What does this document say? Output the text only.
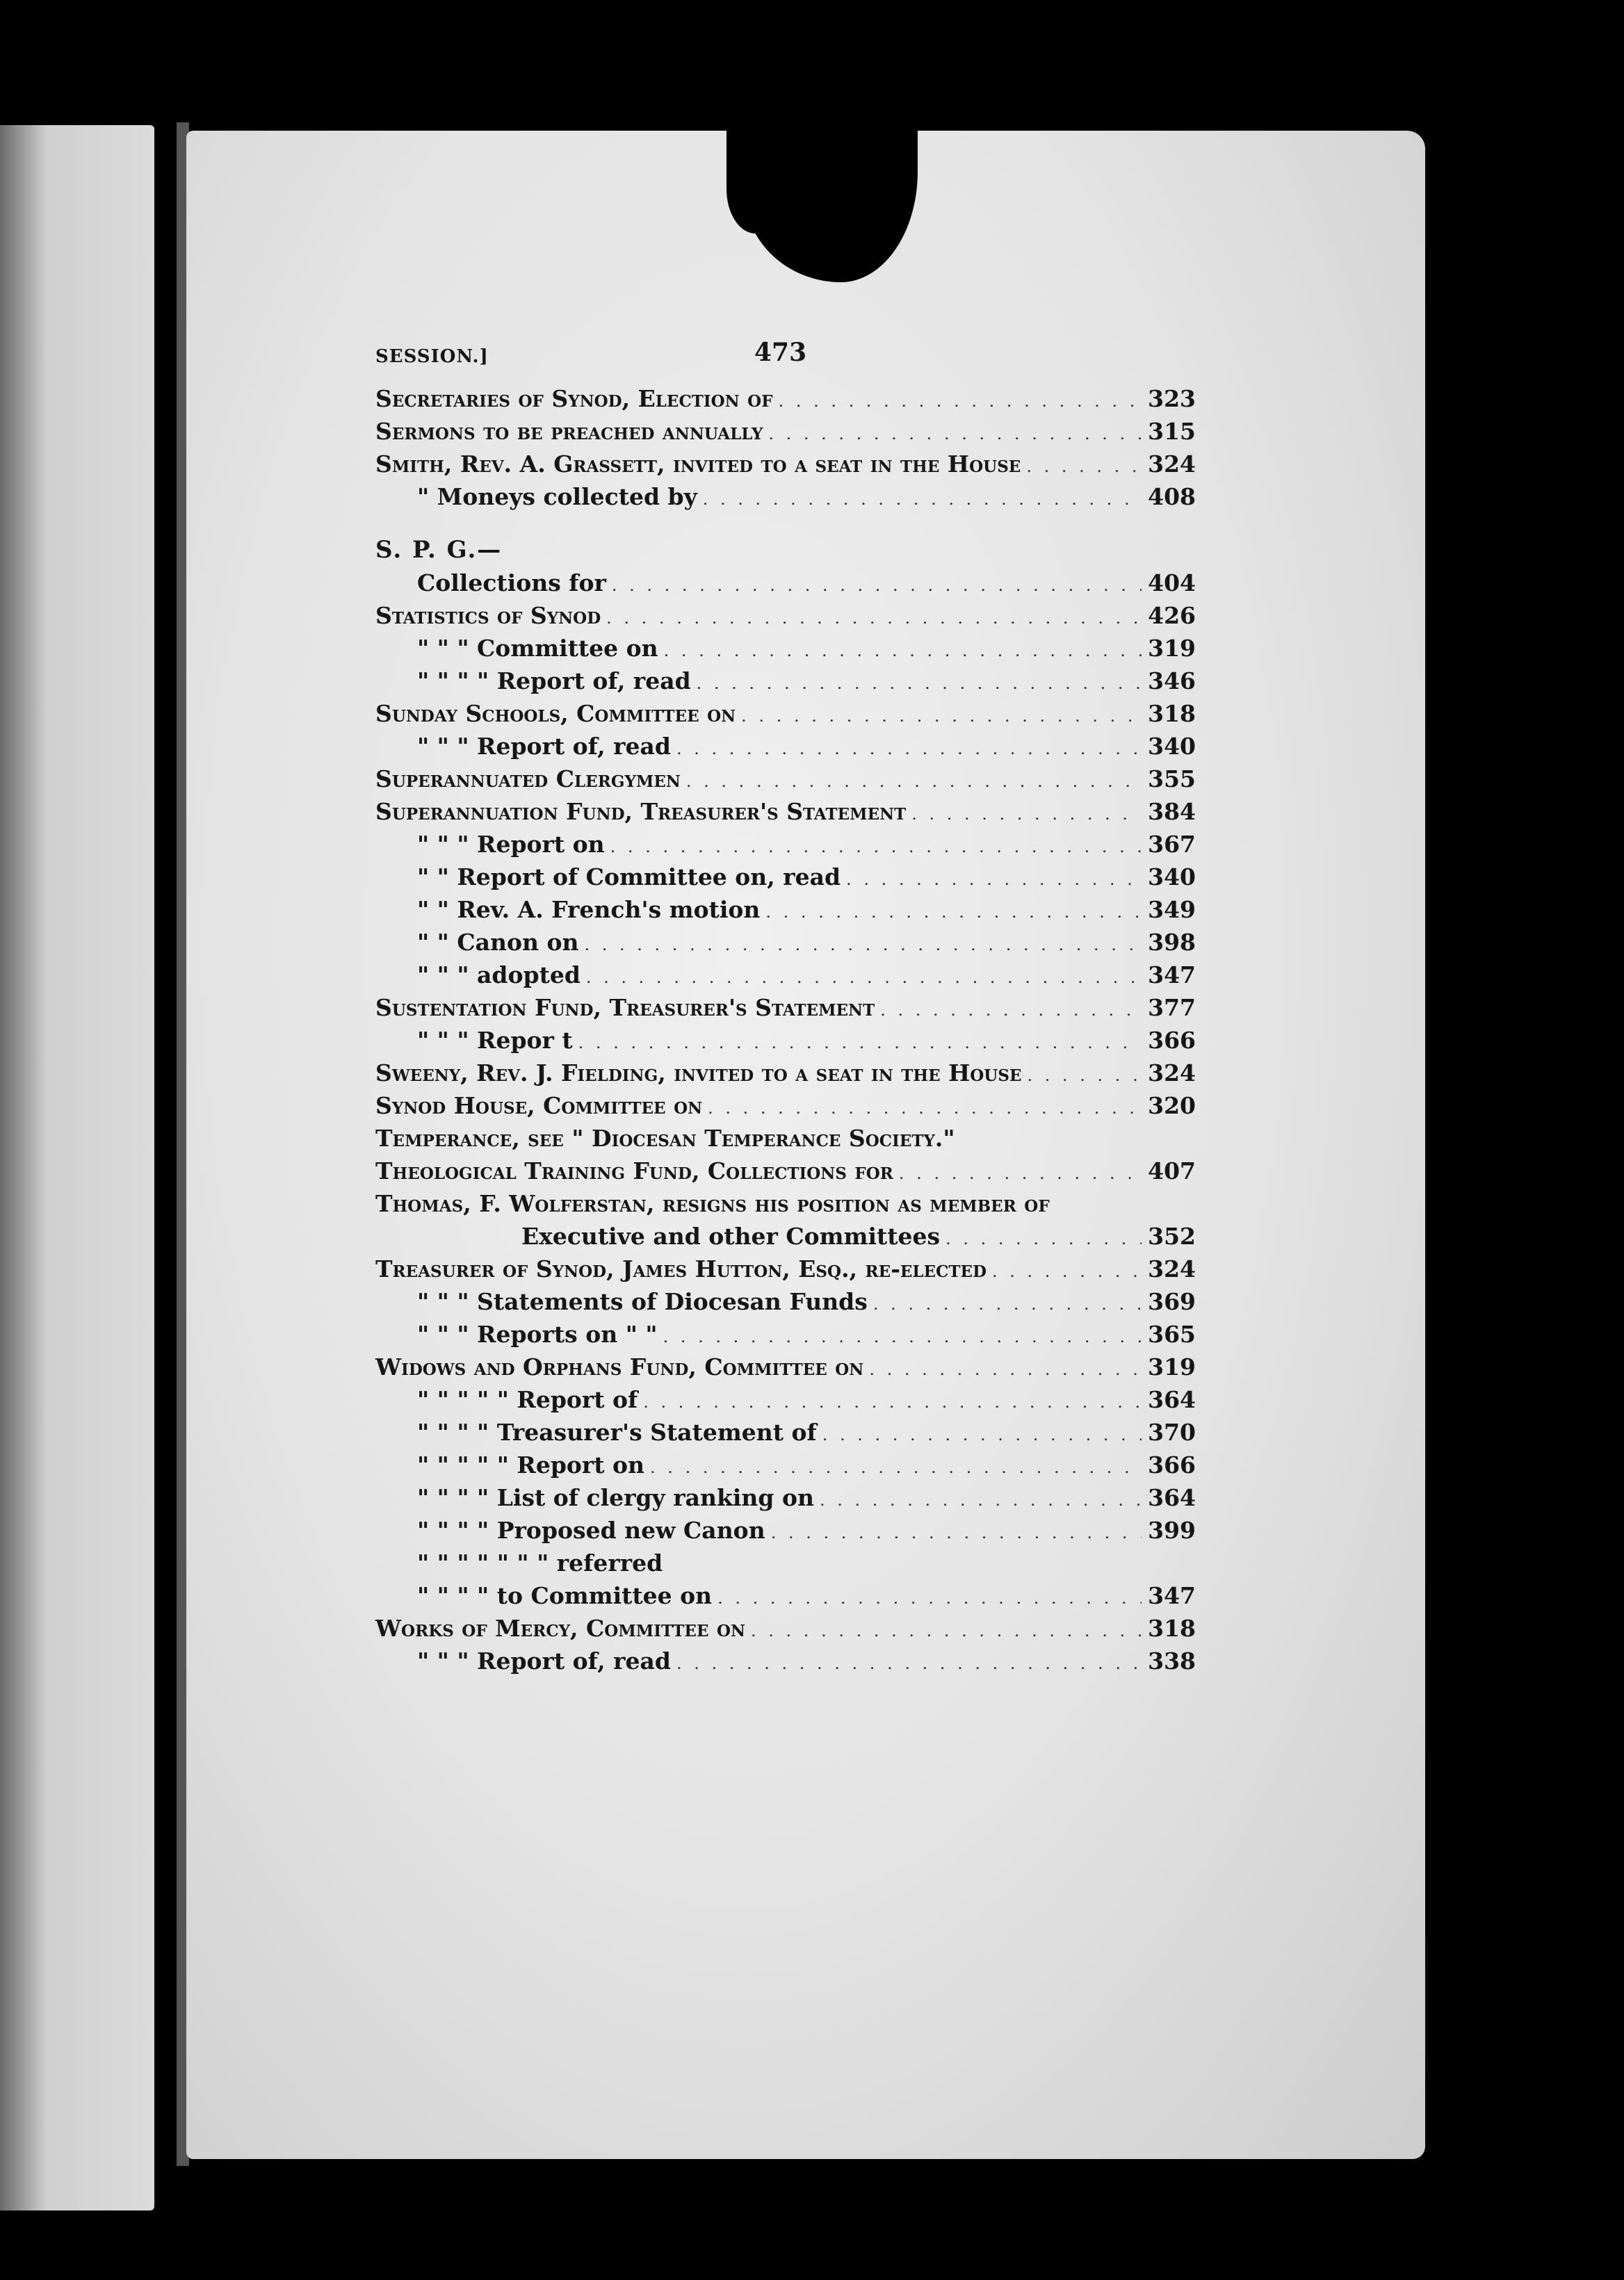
SESSION.]	473
Secretaries of Synod, Election of . . .	323
Sermons to be preached annually . . .	315
Smith, Rev. A. Grassett, invited to a seat in the House . . .	324
" Moneys collected by . . .	408
S. P. G.—
Collections for . . .	404
Statistics of Synod . . .	426
" " " Committee on . . .	319
" " " " Report of, read . . .	346
Sunday Schools, Committee on . . .	318
" " " Report of, read . . .	340
Superannuated Clergymen . . .	355
Superannuation Fund, Treasurer's Statement . . .	384
" " " Report on . . .	367
" " Report of Committee on, read . . .	340
" " Rev. A. French's motion . . .	349
" " Canon on . . .	398
" " " adopted . . .	347
Sustentation Fund, Treasurer's Statement . . .	377
" " " Repor t . . .	366
Sweeny, Rev. J. Fielding, invited to a seat in the House . . .	324
Synod House, Committee on . . .	320
Temperance, see " Diocesan Temperance Society."
Theological Training Fund, Collections for . . .	407
Thomas, F. Wolferstan, resigns his position as member of
Executive and other Committees . . .	352
Treasurer of Synod, James Hutton, Esq., re-elected . . .	324
" " " Statements of Diocesan Funds . . .	369
" " " Reports on " " . . .	365
Widows and Orphans Fund, Committee on . . .	319
" " " " " Report of . . .	364
" " " " Treasurer's Statement of . . .	370
" " " " " Report on . . .	366
" " " " List of clergy ranking on . . .	364
" " " " Proposed new Canon . . .	399
" " " " " " " referred
" " " " to Committee on . . .	347
Works of Mercy, Committee on . . .	318
" " " Report of, read . . .	338
